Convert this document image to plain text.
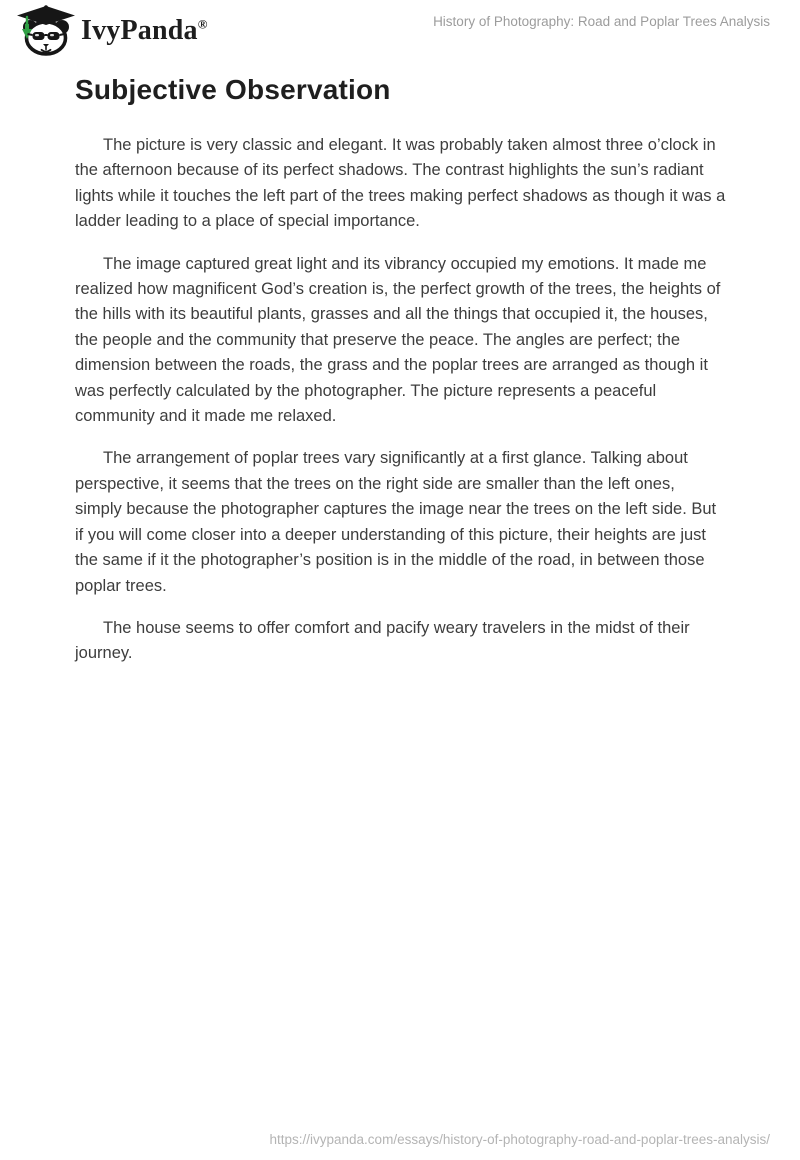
IvyPanda®	History of Photography: Road and Poplar Trees Analysis
Subjective Observation

The picture is very classic and elegant. It was probably taken almost three o’clock in the afternoon because of its perfect shadows. The contrast highlights the sun’s radiant lights while it touches the left part of the trees making perfect shadows as though it was a ladder leading to a place of special importance.

The image captured great light and its vibrancy occupied my emotions. It made me realized how magnificent God’s creation is, the perfect growth of the trees, the heights of the hills with its beautiful plants, grasses and all the things that occupied it, the houses, the people and the community that preserve the peace. The angles are perfect; the dimension between the roads, the grass and the poplar trees are arranged as though it was perfectly calculated by the photographer. The picture represents a peaceful community and it made me relaxed.

The arrangement of poplar trees vary significantly at a first glance. Talking about perspective, it seems that the trees on the right side are smaller than the left ones, simply because the photographer captures the image near the trees on the left side. But if you will come closer into a deeper understanding of this picture, their heights are just the same if it the photographer’s position is in the middle of the road, in between those poplar trees.

The house seems to offer comfort and pacify weary travelers in the midst of their journey.

https://ivypanda.com/essays/history-of-photography-road-and-poplar-trees-analysis/
